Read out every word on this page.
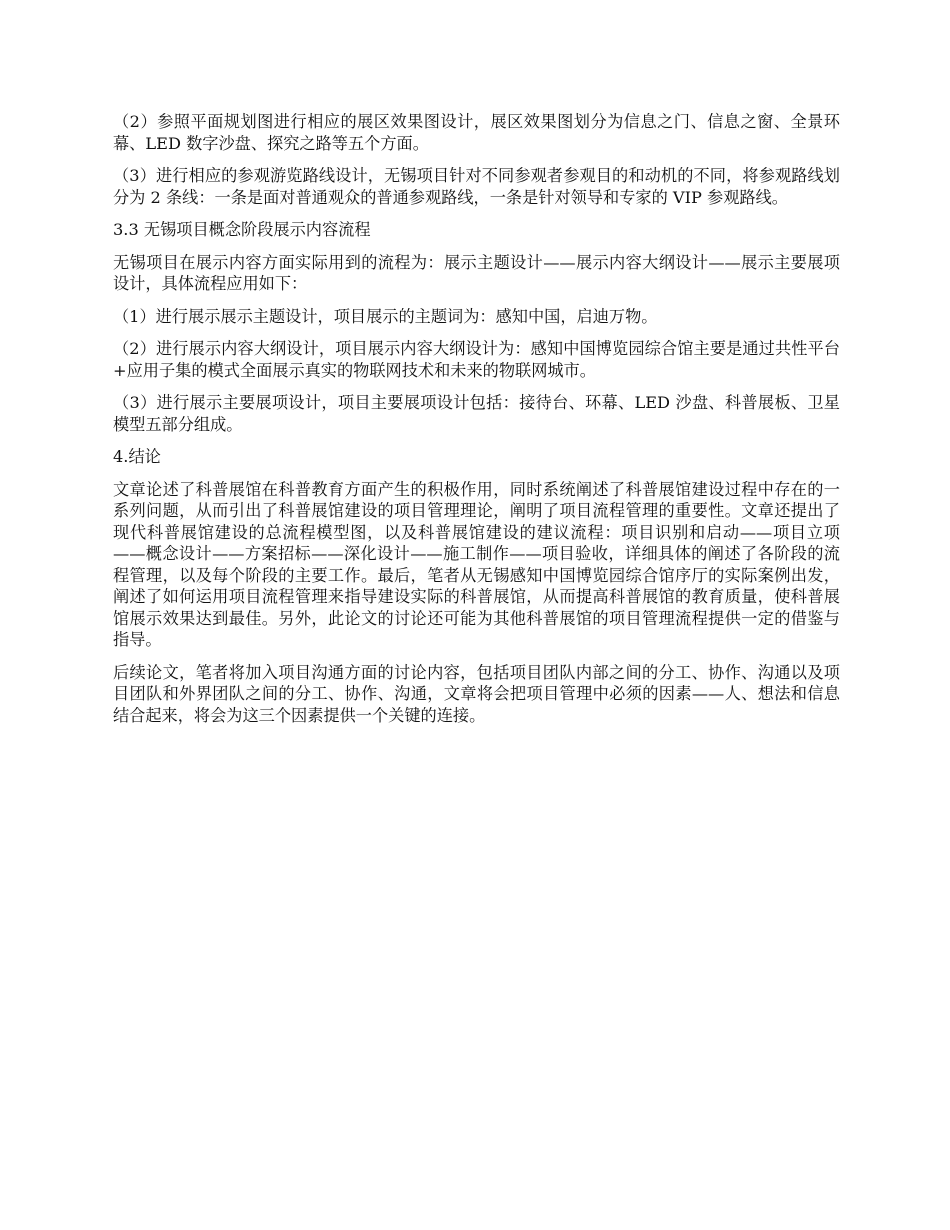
（2）参照平面规划图进行相应的展区效果图设计，展区效果图划分为信息之门、信息之窗、全景环幕、LED 数字沙盘、探究之路等五个方面。

（3）进行相应的参观游览路线设计，无锡项目针对不同参观者参观目的和动机的不同，将参观路线划分为 2 条线：一条是面对普通观众的普通参观路线，一条是针对领导和专家的 VIP 参观路线。

3.3 无锡项目概念阶段展示内容流程

无锡项目在展示内容方面实际用到的流程为：展示主题设计——展示内容大纲设计——展示主要展项设计，具体流程应用如下：

（1）进行展示展示主题设计，项目展示的主题词为：感知中国，启迪万物。

（2）进行展示内容大纲设计，项目展示内容大纲设计为：感知中国博览园综合馆主要是通过共性平台+应用子集的模式全面展示真实的物联网技术和未来的物联网城市。

（3）进行展示主要展项设计，项目主要展项设计包括：接待台、环幕、LED 沙盘、科普展板、卫星模型五部分组成。

4.结论

文章论述了科普展馆在科普教育方面产生的积极作用，同时系统阐述了科普展馆建设过程中存在的一系列问题，从而引出了科普展馆建设的项目管理理论，阐明了项目流程管理的重要性。文章还提出了现代科普展馆建设的总流程模型图，以及科普展馆建设的建议流程：项目识别和启动——项目立项——概念设计——方案招标——深化设计——施工制作——项目验收，详细具体的阐述了各阶段的流程管理，以及每个阶段的主要工作。最后，笔者从无锡感知中国博览园综合馆序厅的实际案例出发，阐述了如何运用项目流程管理来指导建设实际的科普展馆，从而提高科普展馆的教育质量，使科普展馆展示效果达到最佳。另外，此论文的讨论还可能为其他科普展馆的项目管理流程提供一定的借鉴与指导。

后续论文，笔者将加入项目沟通方面的讨论内容，包括项目团队内部之间的分工、协作、沟通以及项目团队和外界团队之间的分工、协作、沟通，文章将会把项目管理中必须的因素——人、想法和信息结合起来，将会为这三个因素提供一个关键的连接。
